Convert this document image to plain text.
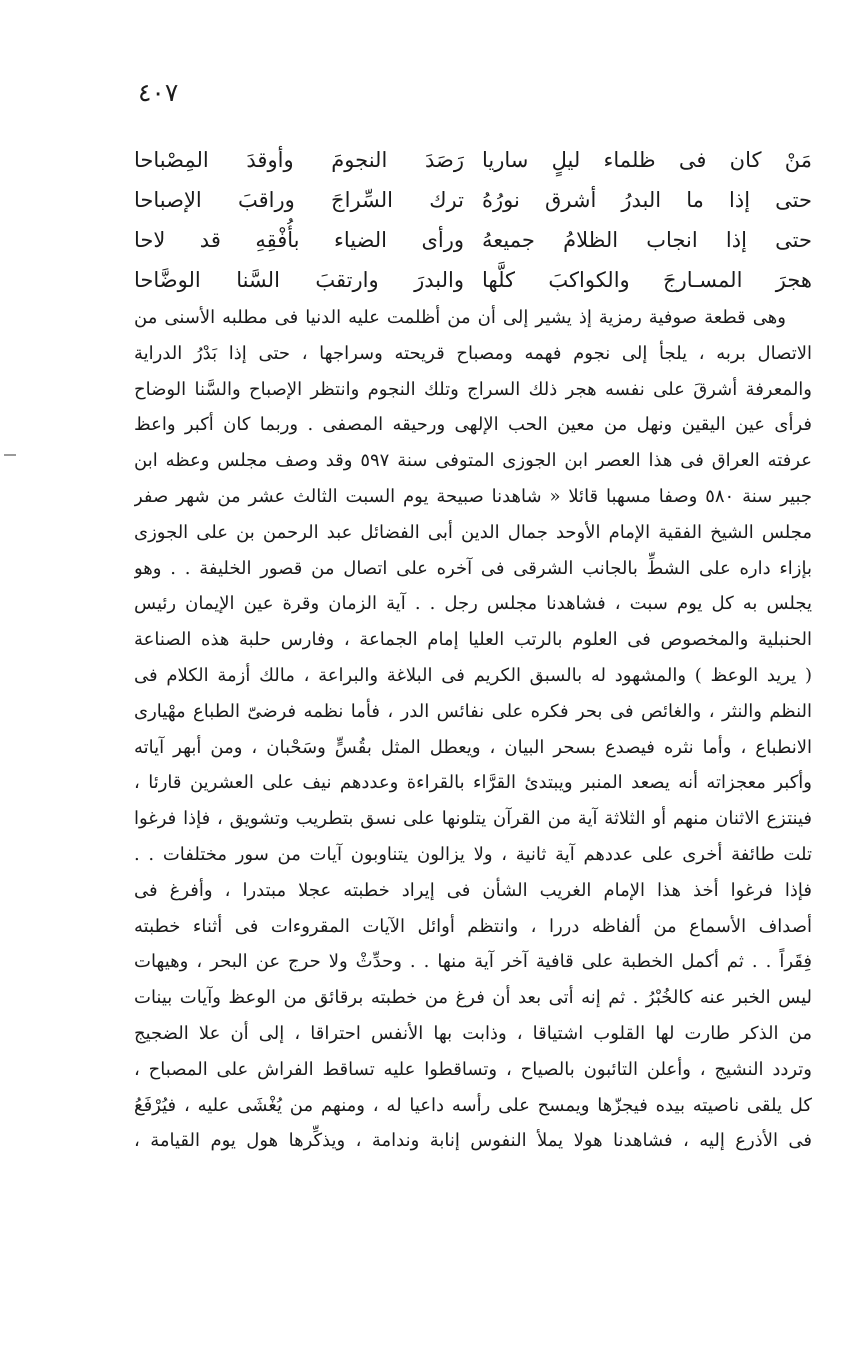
٤٠٧
مَنْ كان فى ظلماء ليلٍ ساريا
رَصَدَ النجومَ وأوقدَ المِصْباحا
حتى إذا ما البدرُ أشرق نورُهُ
ترك السِّراجَ وراقبَ الإصباحا
حتى إذا انجاب الظلامُ جميعهُ
ورأى الضياء بأُفْقِهِ قد لاحا
هجرَ المسـارجَ والكواكبَ كلَّها
والبدرَ وارتقبَ السَّنا الوضَّاحا
وهى قطعة صوفية رمزية إذ يشير إلى أن من أظلمت عليه الدنيا فى مطلبه الأسنى من
الاتصال بربه ، يلجأ إلى نجوم فهمه ومصباح قريحته وسراجها ، حتى إذا بَدْرُ الدراية
والمعرفة أشرقَ على نفسه هجر ذلك السراج وتلك النجوم وانتظر الإصباح والسَّنا الوضاح
فرأى عين اليقين ونهل من معين الحب الإلهى ورحيقه المصفى . وربما كان أكبر واعظ
عرفته العراق فى هذا العصر ابن الجوزى المتوفى سنة ٥٩٧ وقد وصف مجلس وعظه ابن
جبير سنة ٥٨٠ وصفا مسهبا قائلا « شاهدنا صبيحة يوم السبت الثالث عشر من شهر صفر
مجلس الشيخ الفقية الإمام الأوحد جمال الدين أبى الفضائل عبد الرحمن بن على الجوزى
بإزاء داره على الشطِّ بالجانب الشرقى فى آخره على اتصال من قصور الخليفة . . وهو
يجلس به كل يوم سبت ، فشاهدنا مجلس رجل . . آية الزمان وقرة عين الإيمان رئيس
الحنبلية والمخصوص فى العلوم بالرتب العليا إمام الجماعة ، وفارس حلبة هذه الصناعة
( يريد الوعظ ) والمشهود له بالسبق الكريم فى البلاغة والبراعة ، مالك أزمة الكلام فى
النظم والنثر ، والغائص فى بحر فكره على نفائس الدر ، فأما نظمه فرضىّ الطباع مهْيارى
الانطباع ، وأما نثره فيصدع بسحر البيان ، ويعطل المثل بقُسٍّ وسَحْبان ، ومن أبهر آياته
وأكبر معجزاته أنه يصعد المنبر ويبتدئ القرَّاء بالقراءة وعددهم نيف على العشرين قارئا ،
فينتزع الاثنان منهم أو الثلاثة آية من القرآن يتلونها على نسق بتطريب وتشويق ، فإذا فرغوا
تلت طائفة أخرى على عددهم آية ثانية ، ولا يزالون يتناوبون آيات من سور مختلفات . .
فإذا فرغوا أخذ هذا الإمام الغريب الشأن فى إيراد خطبته عجلا مبتدرا ، وأفرغ فى
أصداف الأسماع من ألفاظه دررا ، وانتظم أوائل الآيات المقروءات فى أثناء خطبته
فِقَراً . . ثم أكمل الخطبة على قافية آخر آية منها . . وحدِّثْ ولا حرج عن البحر ، وهيهات
ليس الخبر عنه كالخُبْرُ . ثم إنه أتى بعد أن فرغ من خطبته برقائق من الوعظ وآيات بينات
من الذكر طارت لها القلوب اشتياقا ، وذابت بها الأنفس احتراقا ، إلى أن علا الضجيج
وتردد النشيج ، وأعلن التائبون بالصياح ، وتساقطوا عليه تساقط الفراش على المصباح ،
كل يلقى ناصيته بيده فيجزّها ويمسح على رأسه داعيا له ، ومنهم من يُغْشَى عليه ، فيُرْفَعُ
فى الأذرع إليه ، فشاهدنا هولا يملأ النفوس إنابة وندامة ، ويذكِّرها هول يوم القيامة ،
